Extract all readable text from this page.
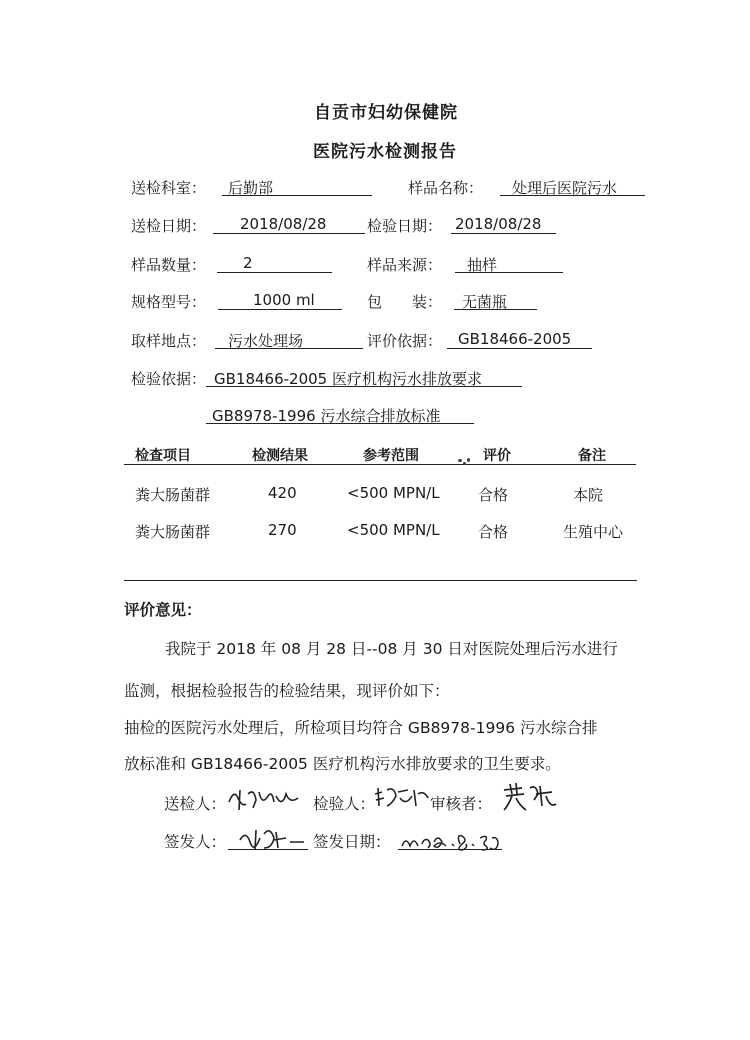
自贡市妇幼保健院
医院污水检测报告
送检科室： 后勤部	样品名称： 处理后医院污水
送检日期： 2018/08/28	检验日期： 2018/08/28
样品数量： 2	样品来源： 抽样
规格型号：	1000 ml	包　　装： 无菌瓶
取样地点： 污水处理场	评价依据： GB18466-2005
检验依据： GB18466-2005 医疗机构污水排放要求
GB8978-1996 污水综合排放标准
检查项目	检测结果	参考范围	评价	备注
粪大肠菌群	420	<500 MPN/L	合格	本院
粪大肠菌群	270	<500 MPN/L	合格	生殖中心
评价意见：
我院于 2018 年 08 月 28 日--08 月 30 日对医院处理后污水进行
监测，根据检验报告的检验结果，现评价如下：
抽检的医院污水处理后，所检项目均符合 GB8978-1996 污水综合排
放标准和 GB18466-2005 医疗机构污水排放要求的卫生要求。
送检人：	检验人：	审核者：
签发人：	签发日期：
